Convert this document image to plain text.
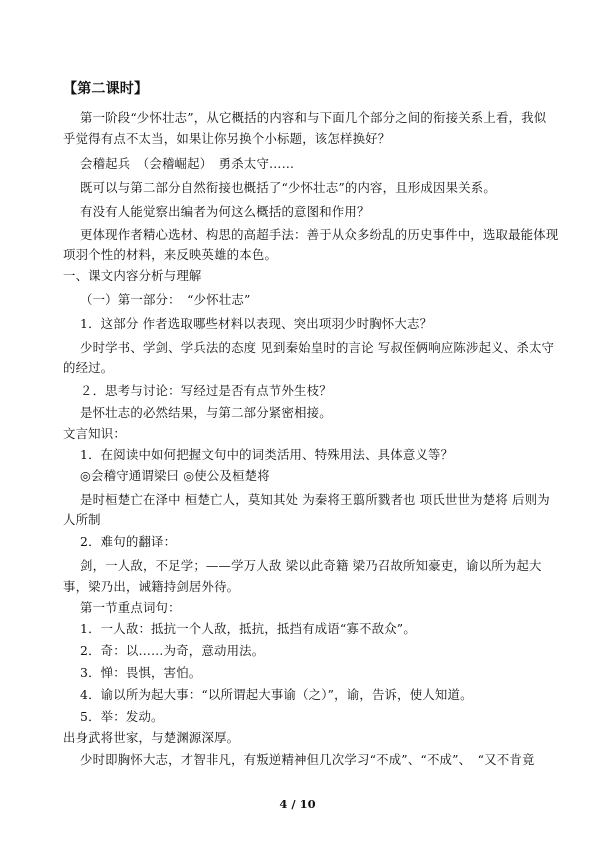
【第二课时】
第一阶段“少怀壮志”，从它概括的内容和与下面几个部分之间的衔接关系上看，我似
乎觉得有点不太当，如果让你另换个小标题，该怎样换好？
会稽起兵　（会稽崛起）　勇杀太守……
既可以与第二部分自然衔接也概括了“少怀壮志”的内容，且形成因果关系。
有没有人能觉察出编者为何这么概括的意图和作用？
更体现作者精心选材、构思的高超手法：善于从众多纷乱的历史事件中，选取最能体现
项羽个性的材料，来反映英雄的本色。
一、课文内容分析与理解
（一）第一部分：　“少怀壮志”
1．这部分 作者选取哪些材料以表现、突出项羽少时胸怀大志？
少时学书、学剑、学兵法的态度 见到秦始皇时的言论 写叔侄俩响应陈涉起义、杀太守
的经过。
２．思考与讨论：写经过是否有点节外生枝？
是怀壮志的必然结果，与第二部分紧密相接。
文言知识：
1．在阅读中如何把握文句中的词类活用、特殊用法、具体意义等？
◎会稽守通谓梁曰 ◎使公及桓楚将
是时桓楚亡在泽中 桓楚亡人，莫知其处 为秦将王翦所戮者也 项氏世世为楚将 后则为
人所制
2．难句的翻译：
剑，一人敌，不足学；——学万人敌 梁以此奇籍 梁乃召故所知豪吏，谕以所为起大
事，梁乃出，诫籍持剑居外待。
第一节重点词句：
1．一人敌：抵抗一个人敌，抵抗，抵挡有成语“寡不敌众”。
2．奇：以……为奇，意动用法。
3．惮：畏惧，害怕。
4．谕以所为起大事：“以所谓起大事谕（之）”，谕，告诉，使人知道。
5．举：发动。
出身武将世家，与楚渊源深厚。
少时即胸怀大志，才智非凡，有叛逆精神但几次学习“不成”、“不成”、　“又不肯竟
4 / 10
